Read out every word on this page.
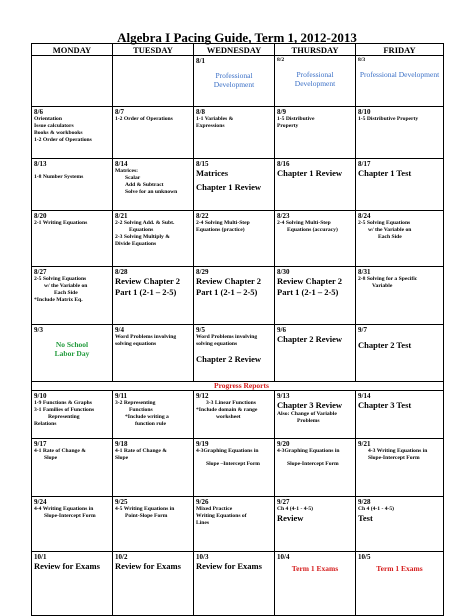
Algebra I Pacing Guide, Term 1, 2012-2013
MONDAY	TUESDAY	WEDNESDAY	THURSDAY	FRIDAY

		8/1
Professional Development	8/2
Professional Development	8/3
Professional Development

8/6
Orientation
Issue calculators
Books & workbooks
1-2 Order of Operations	8/7
1-2 Order of Operations	8/8
1-1 Variables &
Expressions	8/9
1-5 Distributive
Property	8/10
1-5 Distributive Property

8/13
1-8 Number Systems	8/14
Matrices:
Scalar
Add & Subtract
Solve for an unknown	8/15
Matrices
Chapter 1 Review	8/16
Chapter 1 Review	8/17
Chapter 1 Test

8/20
2-1 Writing Equations	8/21
2-2 Solving Add. & Subt.
Equations
2-3 Solving Multiply &
Divide Equations	8/22
2-4 Solving Multi-Step
Equations (practice)	8/23
2-4 Solving Multi-Step
Equations (accuracy)	8/24
2-5 Solving Equations
w/ the Variable on
Each Side

8/27
2-5 Solving Equations
w/ the Variable on
Each Side
*Include Matrix Eq.	8/28
Review Chapter 2
Part 1 (2-1 – 2-5)	8/29
Review Chapter 2
Part 1 (2-1 – 2-5)	8/30
Review Chapter 2
Part 1 (2-1 – 2-5)	8/31
2-8 Solving for a Specific
Variable

9/3
No School
Labor Day	9/4
Word Problems involving
solving equations	9/5
Word Problems involving
solving equations
Chapter 2 Review	9/6
Chapter 2 Review	9/7
Chapter 2 Test

Progress Reports				

9/10
1-9 Functions & Graphs
3-1 Families of Functions
Representing
Relations	9/11
3-2 Representing
Functions
*Include writing a
function rule	9/12
3-3 Linear Functions
*Include domain & range
worksheet	9/13
Chapter 3 Review
Also: Change of Variable
Problems	9/14
Chapter 3 Test

9/17
4-1 Rate of Change &
Slope	9/18
4-1 Rate of Change &
Slope	9/19
4-3Graphing Equations in
Slope –Intercept Form	9/20
4-3Graphing Equations in
Slope-Intercept Form	9/21
4-3 Writing Equations in
Slope-Intercept Form

9/24
4-4 Writing Equations in
Slope-Intercept Form	9/25
4-5 Writing Equations in
Point-Slope Form	9/26
Mixed Practice
Writing Equations of
Lines	9/27
Ch 4 (4-1 - 4-5)
Review	9/28
Ch 4 (4-1 - 4-5)
Test

10/1
Review for Exams	10/2
Review for Exams	10/3
Review for Exams	10/4
Term 1 Exams	10/5
Term 1 Exams
